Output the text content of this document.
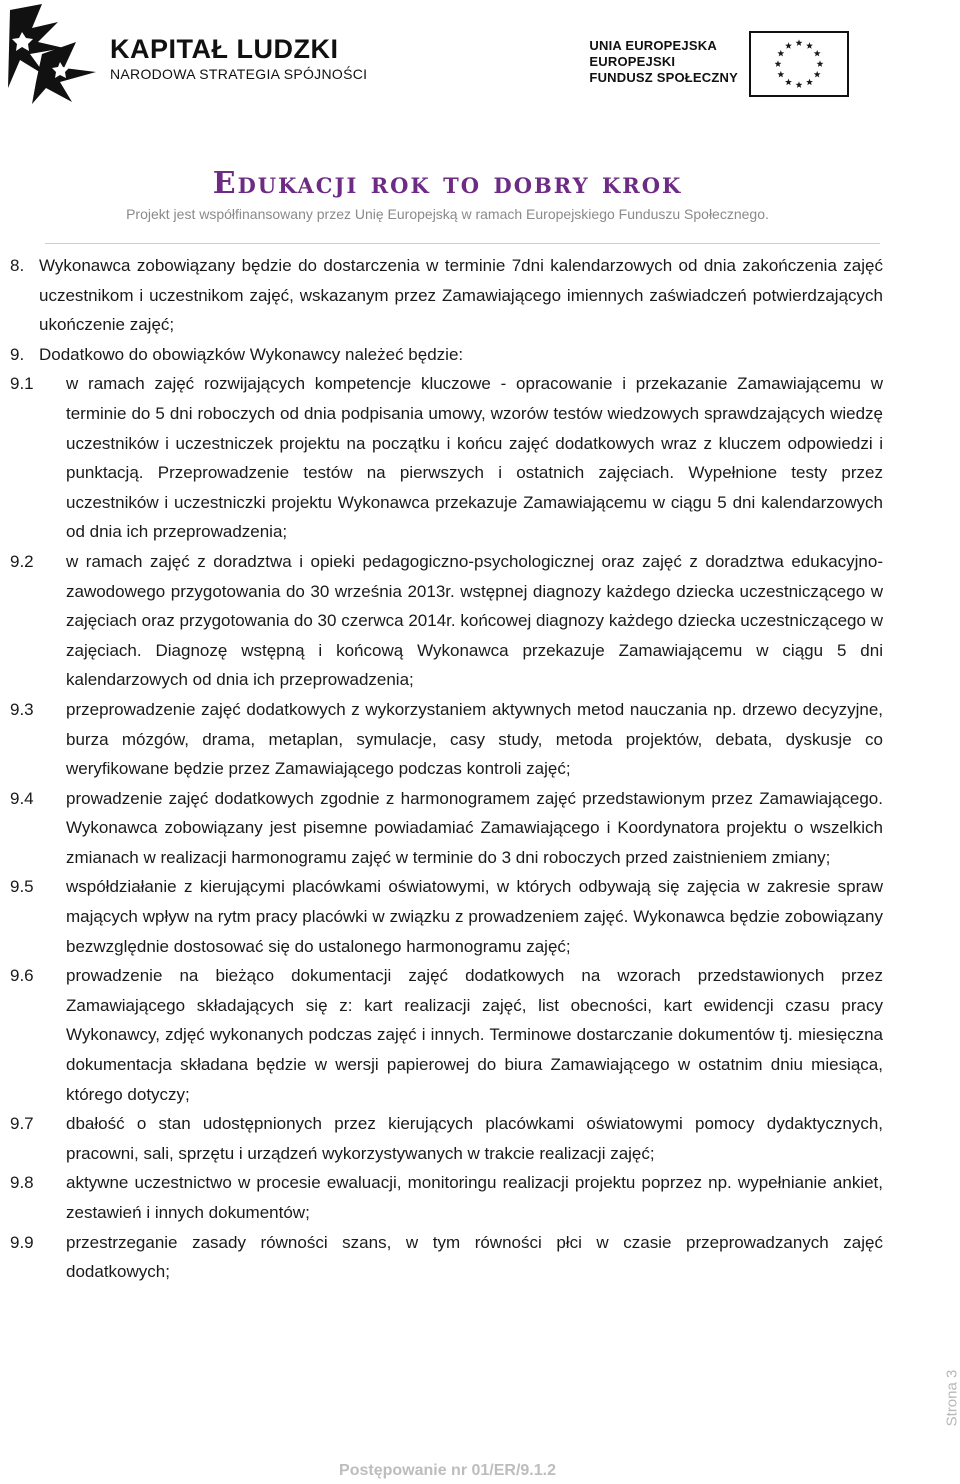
KAPITAŁ LUDZKI
NARODOWA STRATEGIA SPÓJNOŚCI
UNIA EUROPEJSKA
EUROPEJSKI
FUNDUSZ SPOŁECZNY
Edukacji rok to dobry krok
Projekt jest współfinansowany przez Unię Europejską w ramach Europejskiego Funduszu Społecznego.
8. Wykonawca zobowiązany będzie do dostarczenia w terminie 7dni kalendarzowych od dnia zakończenia zajęć uczestnikom i uczestnikom zajęć, wskazanym przez Zamawiającego imiennych zaświadczeń potwierdzających ukończenie zajęć;
9. Dodatkowo do obowiązków Wykonawcy należeć będzie:
9.1	w ramach zajęć rozwijających kompetencje kluczowe - opracowanie i przekazanie Zamawiającemu w terminie do 5 dni roboczych od dnia podpisania umowy, wzorów testów wiedzowych sprawdzających wiedzę uczestników i uczestniczek projektu na początku i końcu zajęć dodatkowych wraz z kluczem odpowiedzi i punktacją. Przeprowadzenie testów na pierwszych i ostatnich zajęciach. Wypełnione testy przez uczestników i uczestniczki projektu Wykonawca przekazuje Zamawiającemu w ciągu 5 dni kalendarzowych od dnia ich przeprowadzenia;
9.2	w ramach zajęć z doradztwa i opieki pedagogiczno-psychologicznej oraz zajęć z doradztwa edukacyjno-zawodowego przygotowania do 30 września 2013r. wstępnej diagnozy każdego dziecka uczestniczącego w zajęciach oraz przygotowania do 30 czerwca 2014r. końcowej diagnozy każdego dziecka uczestniczącego w zajęciach. Diagnozę wstępną i końcową Wykonawca przekazuje Zamawiającemu w ciągu 5 dni kalendarzowych od dnia ich przeprowadzenia;
9.3	przeprowadzenie zajęć dodatkowych z wykorzystaniem aktywnych metod nauczania np. drzewo decyzyjne, burza mózgów, drama, metaplan, symulacje, casy study, metoda projektów, debata, dyskusje co weryfikowane będzie przez Zamawiającego podczas kontroli zajęć;
9.4	prowadzenie zajęć dodatkowych zgodnie z harmonogramem zajęć przedstawionym przez Zamawiającego. Wykonawca zobowiązany jest pisemne powiadamiać Zamawiającego i Koordynatora projektu o wszelkich zmianach w realizacji harmonogramu zajęć w terminie do 3 dni roboczych przed zaistnieniem zmiany;
9.5	współdziałanie z kierującymi placówkami oświatowymi, w których odbywają się zajęcia w zakresie spraw mających wpływ na rytm pracy placówki w związku z prowadzeniem zajęć. Wykonawca będzie zobowiązany bezwzględnie dostosować się do ustalonego harmonogramu zajęć;
9.6	prowadzenie na bieżąco dokumentacji zajęć dodatkowych na wzorach przedstawionych przez Zamawiającego składających się z: kart realizacji zajęć, list obecności, kart ewidencji czasu pracy Wykonawcy, zdjęć wykonanych podczas zajęć i innych. Terminowe dostarczanie dokumentów tj. miesięczna dokumentacja składana będzie w wersji papierowej do biura Zamawiającego w ostatnim dniu miesiąca, którego dotyczy;
9.7	dbałość o stan udostępnionych przez kierujących placówkami oświatowymi pomocy dydaktycznych, pracowni, sali, sprzętu i urządzeń wykorzystywanych w trakcie realizacji zajęć;
9.8	aktywne uczestnictwo w procesie ewaluacji, monitoringu realizacji projektu poprzez np. wypełnianie ankiet, zestawień i innych dokumentów;
9.9	przestrzeganie zasady równości szans, w tym równości płci w czasie przeprowadzanych zajęć dodatkowych;
Postępowanie nr 01/ER/9.1.2
Strona 3
